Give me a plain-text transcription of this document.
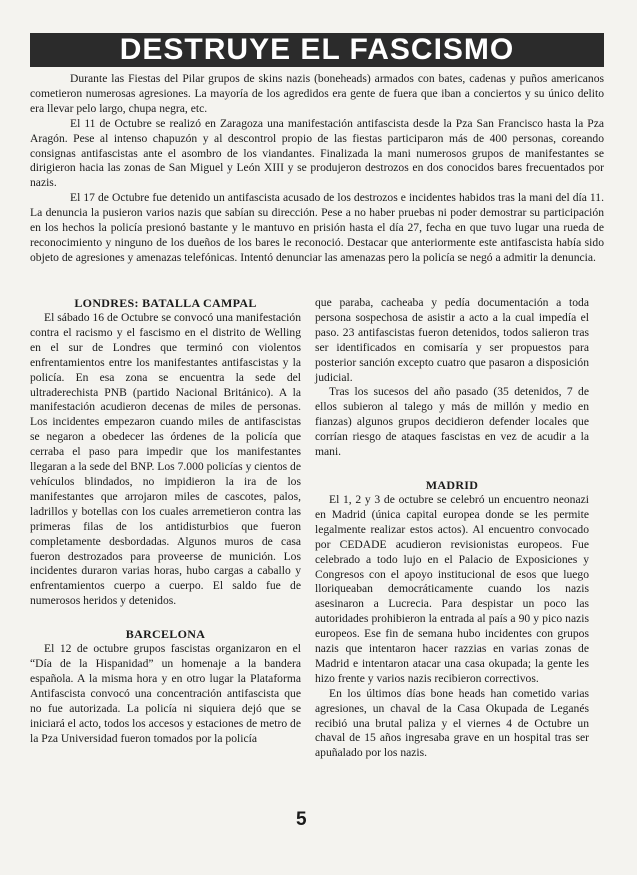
DESTRUYE EL FASCISMO

Durante las Fiestas del Pilar grupos de skins nazis (boneheads) armados con bates, cadenas y puños americanos cometieron numerosas agresiones. La mayoría de los agredidos era gente de fuera que iban a conciertos y su único delito era llevar pelo largo, chupa negra, etc.

El 11 de Octubre se realizó en Zaragoza una manifestación antifascista desde la Pza San Francisco hasta la Pza Aragón. Pese al intenso chapuzón y al descontrol propio de las fiestas participaron más de 400 personas, coreando consignas antifascistas ante el asombro de los viandantes. Finalizada la mani numerosos grupos de manifestantes se dirigieron hacia las zonas de San Miguel y León XIII y se produjeron destrozos en dos conocidos bares frecuentados por nazis.

El 17 de Octubre fue detenido un antifascista acusado de los destrozos e incidentes habidos tras la mani del día 11. La denuncia la pusieron varios nazis que sabían su dirección. Pese a no haber pruebas ni poder demostrar su participación en los hechos la policía presionó bastante y le mantuvo en prisión hasta el día 27, fecha en que tuvo lugar una rueda de reconocimiento y ninguno de los dueños de los bares le reconoció. Destacar que anteriormente este antifascista había sido objeto de agresiones y amenazas telefónicas. Intentó denunciar las amenazas pero la policía se negó a admitir la denuncia.

LONDRES: BATALLA CAMPAL

El sábado 16 de Octubre se convocó una manifestación contra el racismo y el fascismo en el distrito de Welling en el sur de Londres que terminó con violentos enfrentamientos entre los manifestantes antifascistas y la policía. En esa zona se encuentra la sede del ultraderechista PNB (partido Nacional Británico). A la manifestación acudieron decenas de miles de personas. Los incidentes empezaron cuando miles de antifascistas se negaron a obedecer las órdenes de la policía que cerraba el paso para impedir que los manifestantes llegaran a la sede del BNP. Los 7.000 policías y cientos de vehículos blindados, no impidieron la ira de los manifestantes que arrojaron miles de cascotes, palos, ladrillos y botellas con los cuales arremetieron contra las primeras filas de los antidisturbios que fueron completamente desbordadas. Algunos muros de casa fueron destrozados para proveerse de munición. Los incidentes duraron varias horas, hubo cargas a caballo y enfrentamientos cuerpo a cuerpo. El saldo fue de numerosos heridos y detenidos.

BARCELONA

El 12 de octubre grupos fascistas organizaron en el “Día de la Hispanidad” un homenaje a la bandera española. A la misma hora y en otro lugar la Plataforma Antifascista convocó una concentración antifascista que no fue autorizada. La policía ni siquiera dejó que se iniciará el acto, todos los accesos y estaciones de metro de la Pza Universidad fueron tomados por la policía

que paraba, cacheaba y pedía documentación a toda persona sospechosa de asistir a acto a la cual impedía el paso. 23 antifascistas fueron detenidos, todos salieron tras ser identificados en comisaría y ser propuestos para posterior sanción excepto cuatro que pasaron a disposición judicial.

Tras los sucesos del año pasado (35 detenidos, 7 de ellos subieron al talego y más de millón y medio en fianzas) algunos grupos decidieron defender locales que corrían riesgo de ataques fascistas en vez de acudir a la mani.

MADRID

El 1, 2 y 3 de octubre se celebró un encuentro neonazi en Madrid (única capital europea donde se les permite legalmente realizar estos actos). Al encuentro convocado por CEDADE acudieron revisionistas europeos. Fue celebrado a todo lujo en el Palacio de Exposiciones y Congresos con el apoyo institucional de esos que luego lloriqueaban democráticamente cuando los nazis asesinaron a Lucrecia. Para despistar un poco las autoridades prohibieron la entrada al país a 90 y pico nazis europeos. Ese fin de semana hubo incidentes con grupos nazis que intentaron hacer razzias en varias zonas de Madrid e intentaron atacar una casa okupada; la gente les hizo frente y varios nazis recibieron correctivos.

En los últimos días bone heads han cometido varias agresiones, un chaval de la Casa Okupada de Leganés recibió una brutal paliza y el viernes 4 de Octubre un chaval de 15 años ingresaba grave en un hospital tras ser apuñalado por los nazis.

5
